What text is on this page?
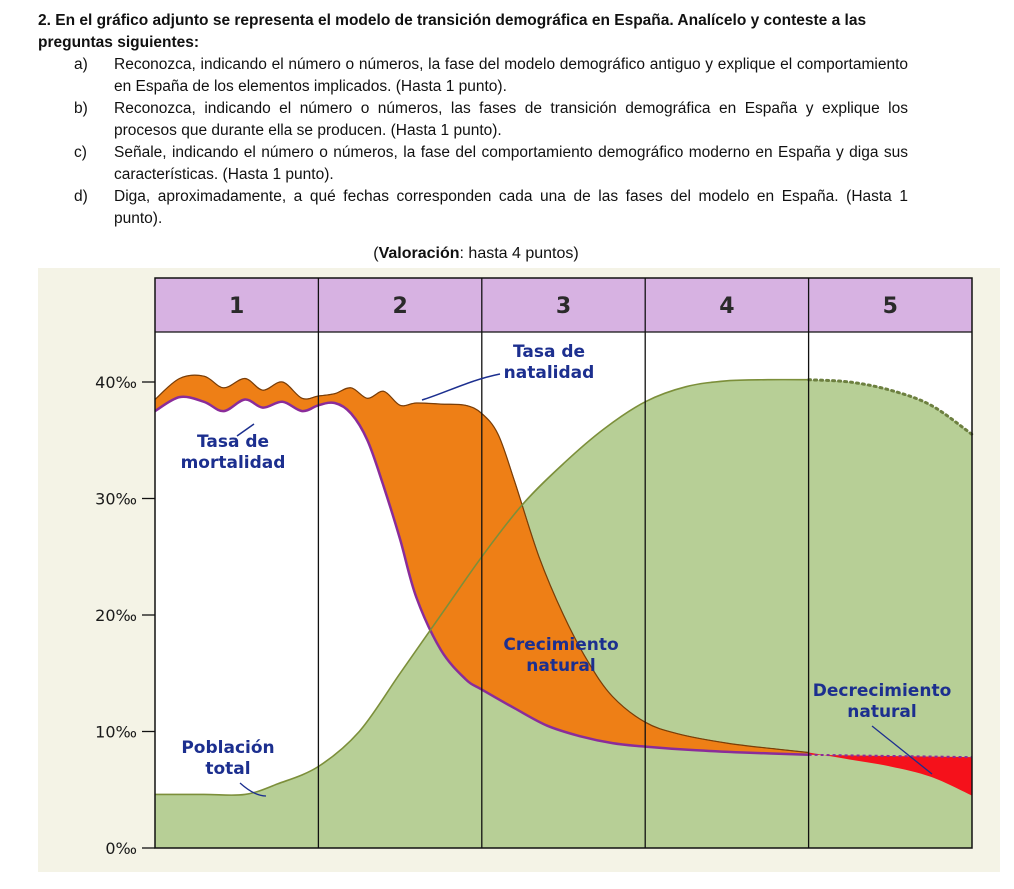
2. En el gráfico adjunto se representa el modelo de transición demográfica en España. Analícelo y conteste a las preguntas siguientes:
a)	Reconozca, indicando el número o números, la fase del modelo demográfico antiguo y explique el comportamiento en España de los elementos implicados. (Hasta 1 punto).
b)	Reconozca, indicando el número o números, las fases de transición demográfica en España y explique los procesos que durante ella se producen. (Hasta 1 punto).
c)	Señale, indicando el número o números, la fase del comportamiento demográfico moderno en España y diga sus características. (Hasta 1 punto).
d)	Diga, aproximadamente, a qué fechas corresponden cada una de las fases del modelo en España. (Hasta 1 punto).
(Valoración: hasta 4 puntos)
1	2	3	4	5
0‰
10‰
20‰
30‰
40‰
Tasa de
natalidad
Tasa de
mortalidad
Crecimiento
natural
Decrecimiento
natural
Población
total
